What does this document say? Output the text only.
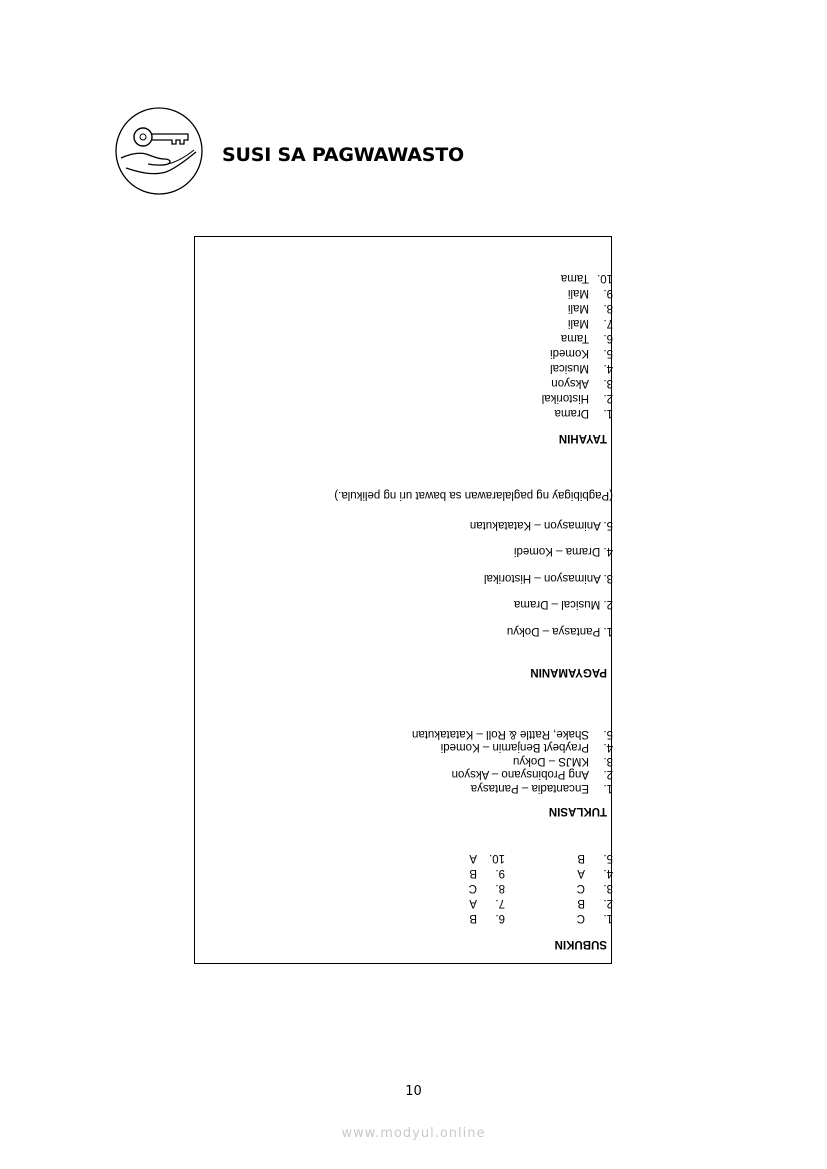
SUSI SA PAGWAWASTO
SUBUKIN
1.C
2.B
3.C
4.A
5.B
6.B
7.A
8.C
9.B
10.A
TUKLASIN
1.Encantadia – Pantasya
2.Ang Probinsyano – Aksyon
3.KMJS – Dokyu
4.Praybeyt Benjamin – Komedi
5.Shake, Rattle & Roll – Katatakutan
PAGYAMANIN
1. Pantasya – Dokyu
2. Musical – Drama
3. Animasyon – Historikal
4. Drama – Komedi
5. Animasyon – Katatakutan
(Pagbibigay ng paglalarawan sa bawat uri ng pelikula.)
TAYAHIN
1.Drama
2.Historikal
3.Aksyon
4.Musical
5.Komedi
6.Tama
7.Mali
8.Mali
9.Mali
10.Tama
10
www.modyul.online
